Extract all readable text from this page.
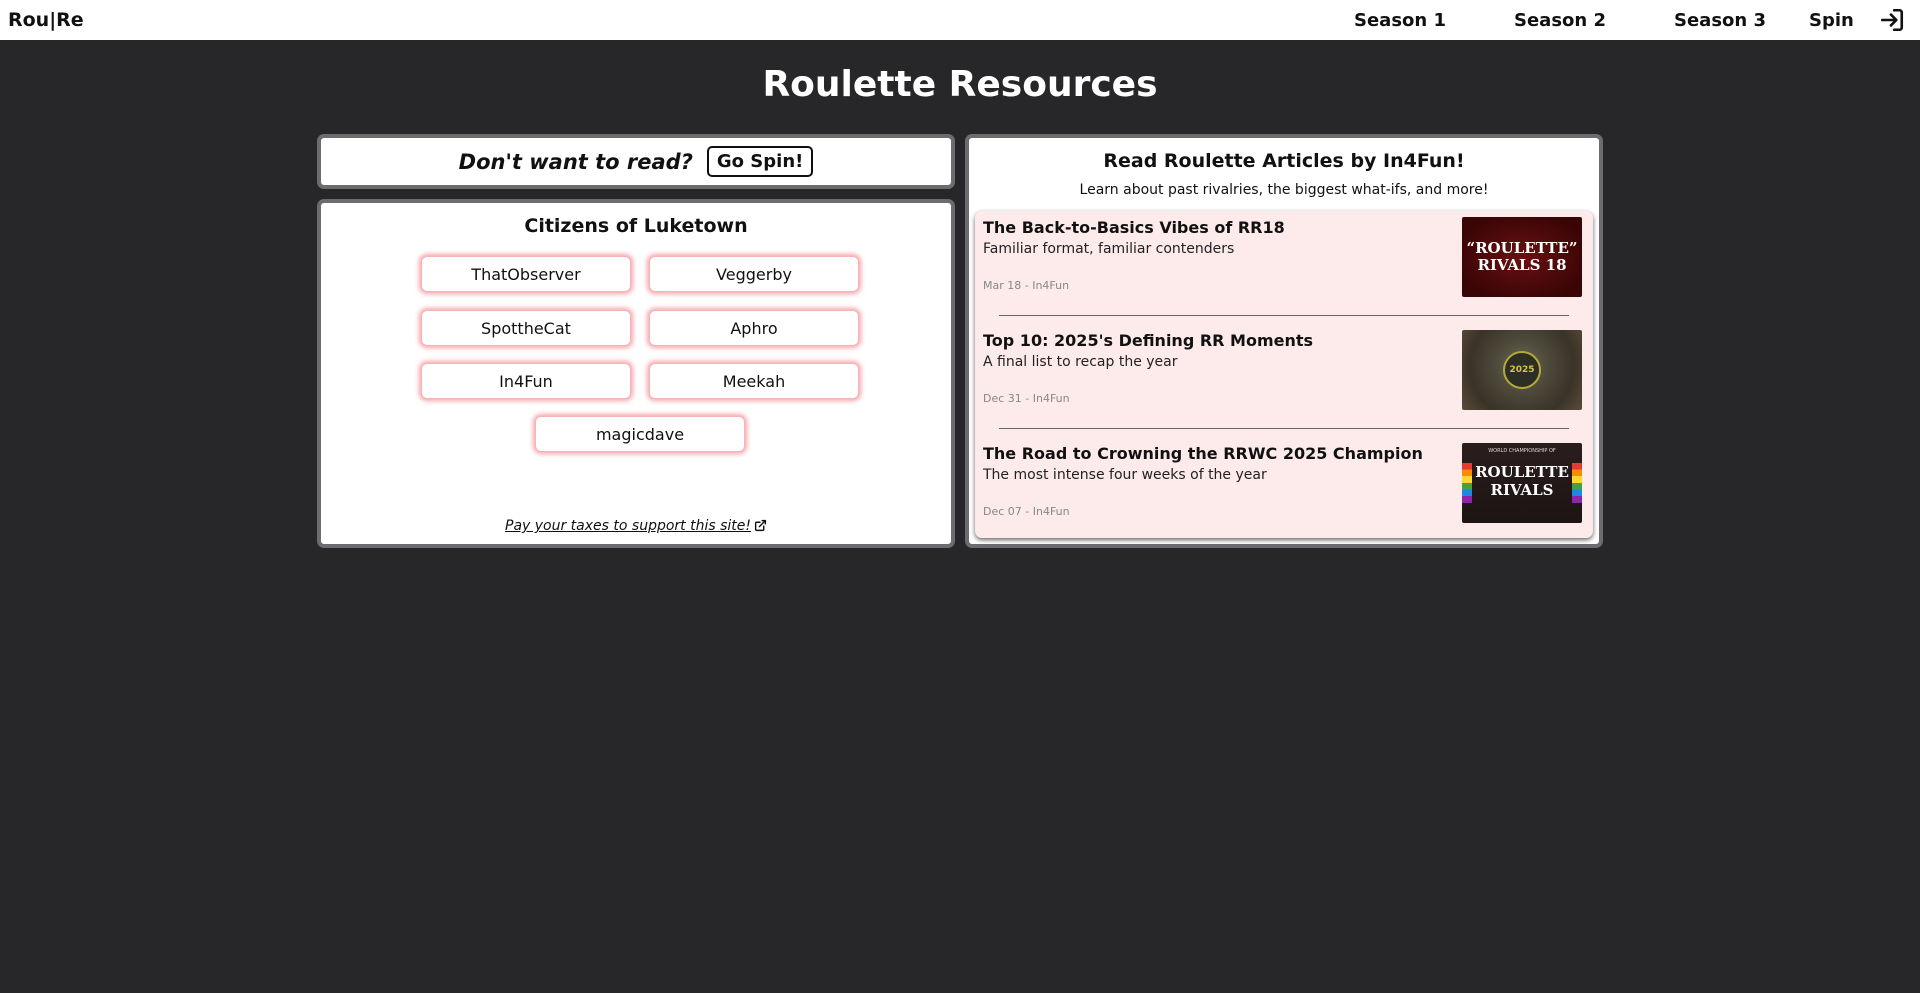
Rou|Re	Season 1	Season 2	Season 3 Spin
Roulette Resources
Don't want to read?	Go Spin!
Citizens of Luketown
ThatObserver	Veggerby
SpottheCat	Aphro
In4Fun	Meekah
magicdave
Pay your taxes to support this site!
Read Roulette Articles by In4Fun!
Learn about past rivalries, the biggest what-ifs, and more!
The Back-to-Basics Vibes of RR18
Familiar format, familiar contenders
Mar 18 - In4Fun
“ROULETTE” RIVALS 18
Top 10: 2025's Defining RR Moments
A final list to recap the year
Dec 31 - In4Fun
2025
The Road to Crowning the RRWC 2025 Champion
The most intense four weeks of the year
Dec 07 - In4Fun
WORLD CHAMPIONSHIP OF
ROULETTE RIVALS
